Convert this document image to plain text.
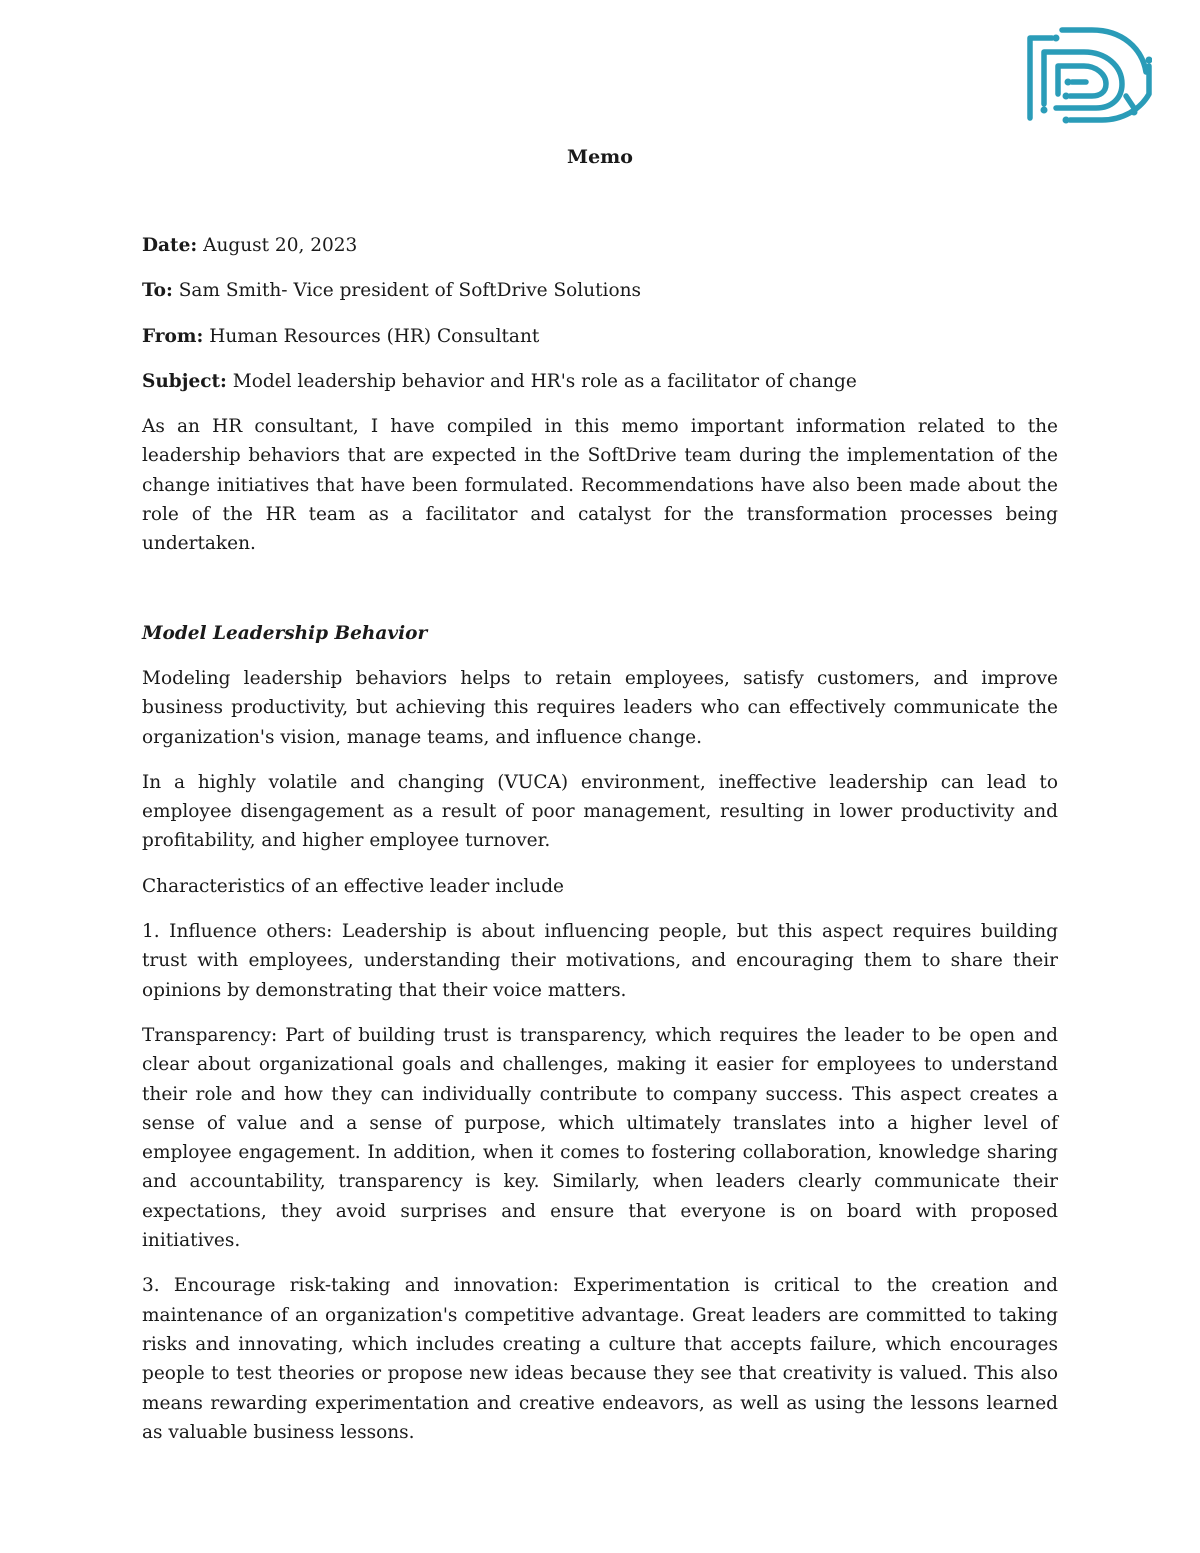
Memo

Date: August 20, 2023

To: Sam Smith- Vice president of SoftDrive Solutions

From: Human Resources (HR) Consultant

Subject: Model leadership behavior and HR's role as a facilitator of change

As an HR consultant, I have compiled in this memo important information related to the leadership behaviors that are expected in the SoftDrive team during the implementation of the change initiatives that have been formulated. Recommendations have also been made about the role of the HR team as a facilitator and catalyst for the transformation processes being undertaken.

Model Leadership Behavior

Modeling leadership behaviors helps to retain employees, satisfy customers, and improve business productivity, but achieving this requires leaders who can effectively communicate the organization's vision, manage teams, and influence change.

In a highly volatile and changing (VUCA) environment, ineffective leadership can lead to employee disengagement as a result of poor management, resulting in lower productivity and profitability, and higher employee turnover.

Characteristics of an effective leader include

1. Influence others: Leadership is about influencing people, but this aspect requires building trust with employees, understanding their motivations, and encouraging them to share their opinions by demonstrating that their voice matters.

Transparency: Part of building trust is transparency, which requires the leader to be open and clear about organizational goals and challenges, making it easier for employees to understand their role and how they can individually contribute to company success. This aspect creates a sense of value and a sense of purpose, which ultimately translates into a higher level of employee engagement. In addition, when it comes to fostering collaboration, knowledge sharing and accountability, transparency is key. Similarly, when leaders clearly communicate their expectations, they avoid surprises and ensure that everyone is on board with proposed initiatives.

3. Encourage risk-taking and innovation: Experimentation is critical to the creation and maintenance of an organization's competitive advantage. Great leaders are committed to taking risks and innovating, which includes creating a culture that accepts failure, which encourages people to test theories or propose new ideas because they see that creativity is valued. This also means rewarding experimentation and creative endeavors, as well as using the lessons learned as valuable business lessons.
